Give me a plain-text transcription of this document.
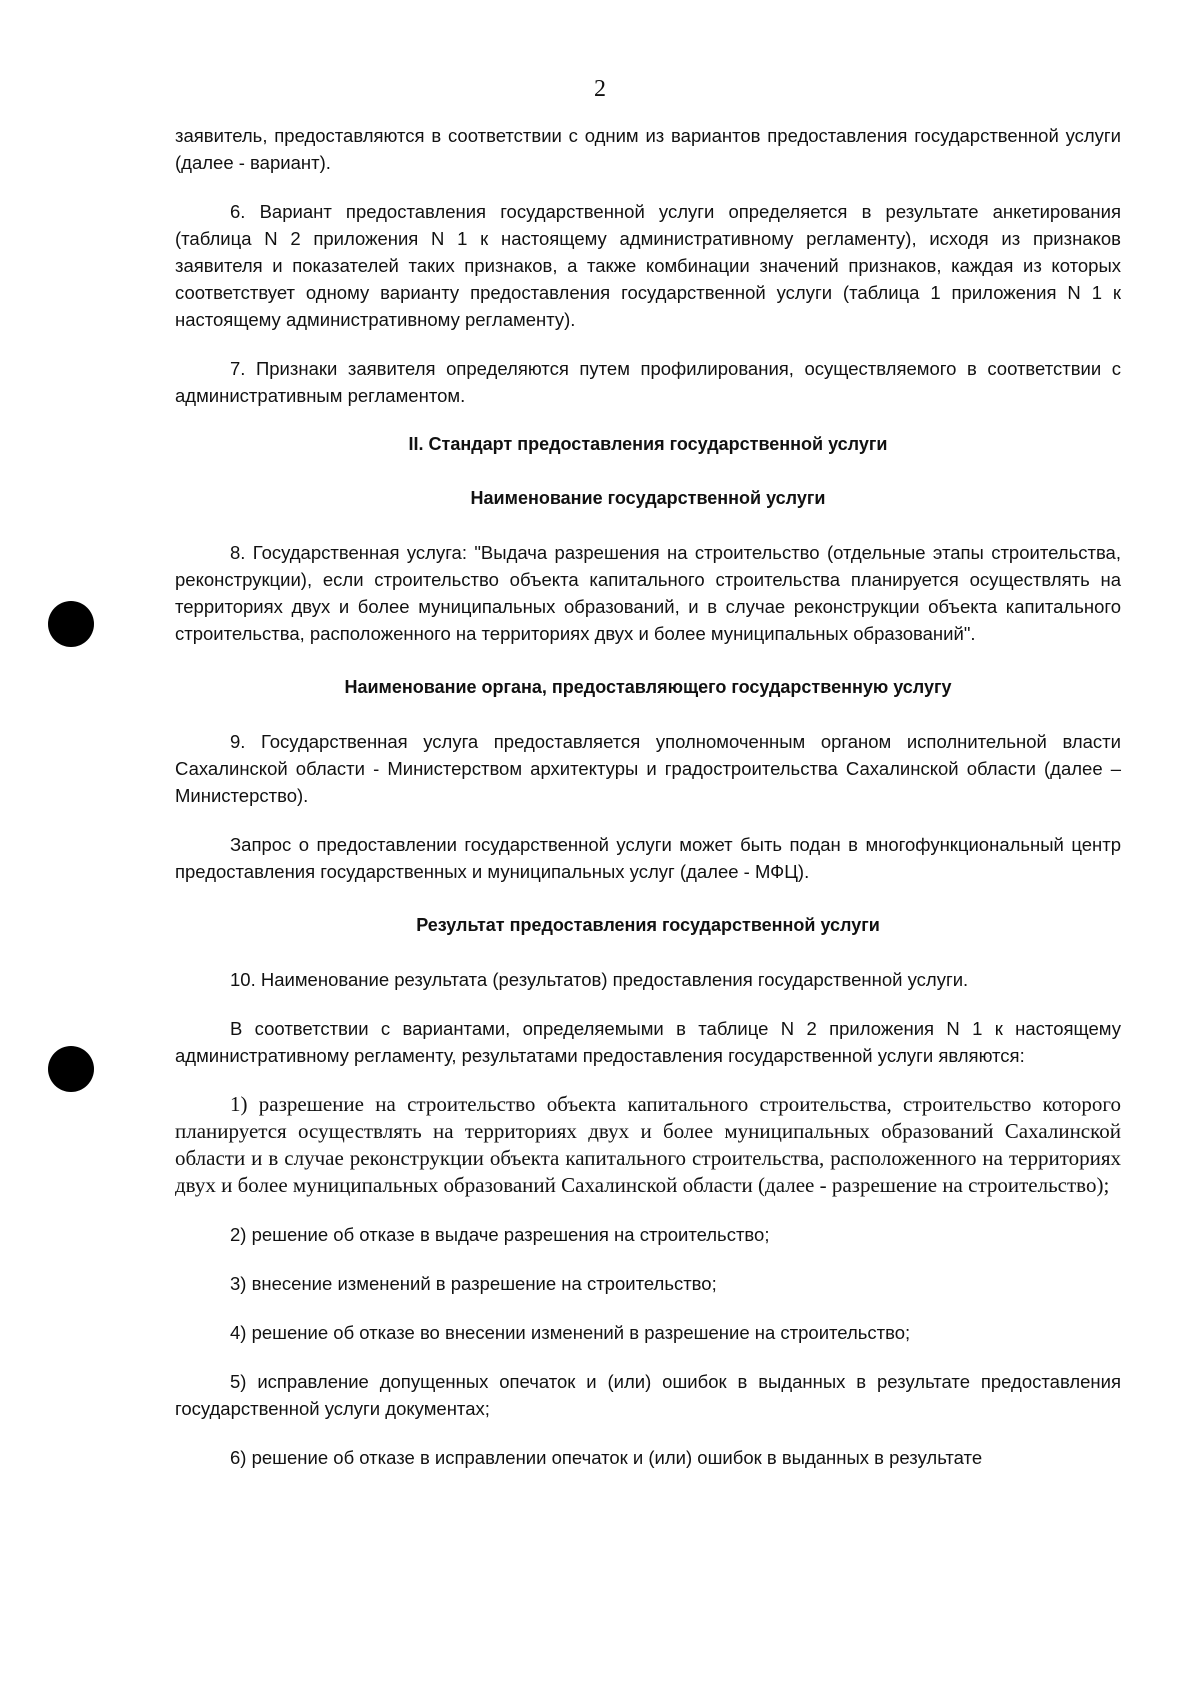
2

заявитель, предоставляются в соответствии с одним из вариантов предоставления государственной услуги (далее - вариант).

6. Вариант предоставления государственной услуги определяется в результате анкетирования (таблица N 2 приложения N 1 к настоящему административному регламенту), исходя из признаков заявителя и показателей таких признаков, а также комбинации значений признаков, каждая из которых соответствует одному варианту предоставления государственной услуги (таблица 1 приложения N 1 к настоящему административному регламенту).

7. Признаки заявителя определяются путем профилирования, осуществляемого в соответствии с административным регламентом.

II. Стандарт предоставления государственной услуги
Наименование государственной услуги

8. Государственная услуга: "Выдача разрешения на строительство (отдельные этапы строительства, реконструкции), если строительство объекта капитального строительства планируется осуществлять на территориях двух и более муниципальных образований, и в случае реконструкции объекта капитального строительства, расположенного на территориях двух и более муниципальных образований".

Наименование органа, предоставляющего государственную услугу

9. Государственная услуга предоставляется уполномоченным органом исполнительной власти Сахалинской области - Министерством архитектуры и градостроительства Сахалинской области (далее – Министерство).

Запрос о предоставлении государственной услуги может быть подан в многофункциональный центр предоставления государственных и муниципальных услуг (далее - МФЦ).

Результат предоставления государственной услуги

10. Наименование результата (результатов) предоставления государственной услуги.

В соответствии с вариантами, определяемыми в таблице N 2 приложения N 1 к настоящему административному регламенту, результатами предоставления государственной услуги являются:

1) разрешение на строительство объекта капитального строительства, строительство которого планируется осуществлять на территориях двух и более муниципальных образований Сахалинской области и в случае реконструкции объекта капитального строительства, расположенного на территориях двух и более муниципальных образований Сахалинской области (далее - разрешение на строительство);

2) решение об отказе в выдаче разрешения на строительство;

3) внесение изменений в разрешение на строительство;

4) решение об отказе во внесении изменений в разрешение на строительство;

5) исправление допущенных опечаток и (или) ошибок в выданных в результате предоставления государственной услуги документах;

6) решение об отказе в исправлении опечаток и (или) ошибок в выданных в результате
